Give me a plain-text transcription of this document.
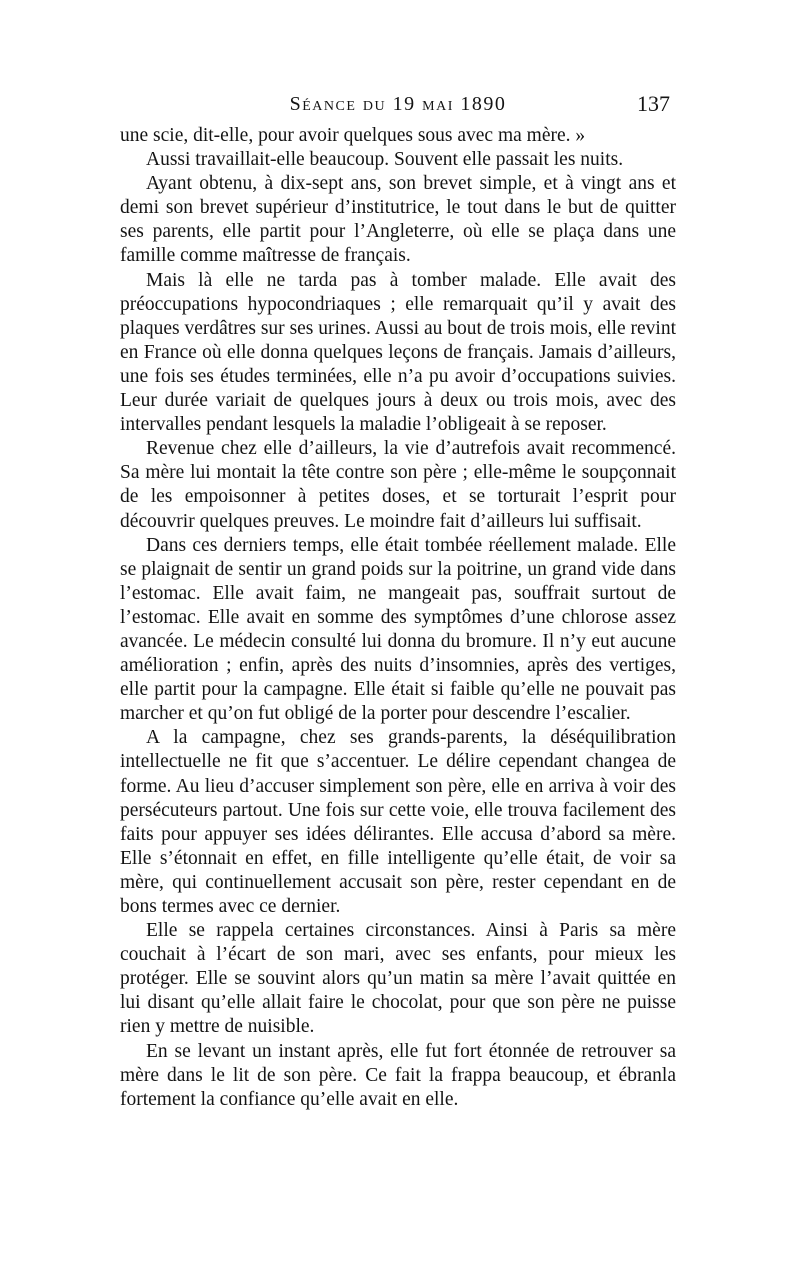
Séance du 19 mai 1890	137

une scie, dit-elle, pour avoir quelques sous avec ma mère. »

Aussi travaillait-elle beaucoup. Souvent elle passait les nuits.

Ayant obtenu, à dix-sept ans, son brevet simple, et à vingt ans et demi son brevet supérieur d’institutrice, le tout dans le but de quitter ses parents, elle partit pour l’Angleterre, où elle se plaça dans une famille comme maîtresse de français.

Mais là elle ne tarda pas à tomber malade. Elle avait des préoccupations hypocondriaques ; elle remarquait qu’il y avait des plaques verdâtres sur ses urines. Aussi au bout de trois mois, elle revint en France où elle donna quelques leçons de français. Jamais d’ailleurs, une fois ses études terminées, elle n’a pu avoir d’occupations suivies. Leur durée variait de quelques jours à deux ou trois mois, avec des intervalles pendant lesquels la maladie l’obligeait à se reposer.

Revenue chez elle d’ailleurs, la vie d’autrefois avait recommencé. Sa mère lui montait la tête contre son père ; elle-même le soupçonnait de les empoisonner à petites doses, et se torturait l’esprit pour découvrir quelques preuves. Le moindre fait d’ailleurs lui suffisait.

Dans ces derniers temps, elle était tombée réellement malade. Elle se plaignait de sentir un grand poids sur la poitrine, un grand vide dans l’estomac. Elle avait faim, ne mangeait pas, souffrait surtout de l’estomac. Elle avait en somme des symptômes d’une chlorose assez avancée. Le médecin consulté lui donna du bromure. Il n’y eut aucune amélioration ; enfin, après des nuits d’insomnies, après des vertiges, elle partit pour la campagne. Elle était si faible qu’elle ne pouvait pas marcher et qu’on fut obligé de la porter pour descendre l’escalier.

A la campagne, chez ses grands-parents, la déséquilibration intellectuelle ne fit que s’accentuer. Le délire cependant changea de forme. Au lieu d’accuser simplement son père, elle en arriva à voir des persécuteurs partout. Une fois sur cette voie, elle trouva facilement des faits pour appuyer ses idées délirantes. Elle accusa d’abord sa mère. Elle s’étonnait en effet, en fille intelligente qu’elle était, de voir sa mère, qui continuellement accusait son père, rester cependant en de bons termes avec ce dernier.

Elle se rappela certaines circonstances. Ainsi à Paris sa mère couchait à l’écart de son mari, avec ses enfants, pour mieux les protéger. Elle se souvint alors qu’un matin sa mère l’avait quittée en lui disant qu’elle allait faire le chocolat, pour que son père ne puisse rien y mettre de nuisible.

En se levant un instant après, elle fut fort étonnée de retrouver sa mère dans le lit de son père. Ce fait la frappa beaucoup, et ébranla fortement la confiance qu’elle avait en elle.
